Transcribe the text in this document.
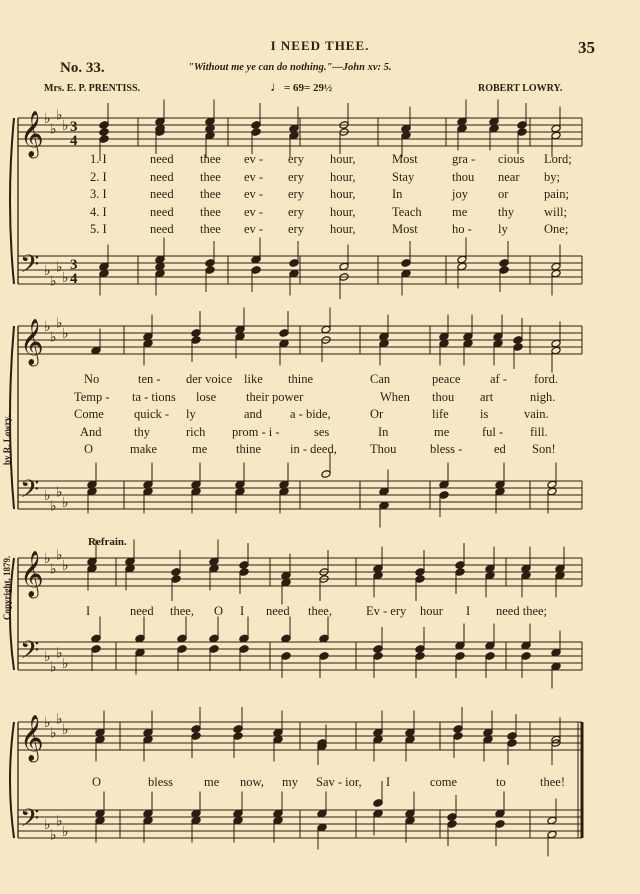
I NEED THEE.	35
No. 33.	"Without me ye can do nothing."—John xv: 5.
Mrs. E. P. PRENTISS.	♩= 69= 29½	ROBERT LOWRY.
by R. Lowry.
Copyright, 1879.
Refrain.
𝄞
𝄢
♭
♭
♭
♭
♭
♭
♭
♭
3
4
3
4
𝄞
𝄢
♭
♭
♭
♭
♭
♭
♭
♭
𝄞
𝄢
♭
♭
♭
♭
♭
♭
♭
♭
𝄞
𝄢
♭
♭
♭
♭
♭
♭
♭
♭
1. I	need thee ev - ery hour,	Most	gra - cious Lord;
2. I	need thee ev - ery hour,	Stay	thou near by;
3. I	need thee ev - ery hour,	In	joy or	pain;
4. I	need thee ev - ery hour,	Teach me thy will;
5. I	need thee ev - ery hour,	Most	ho - ly	One;
No	ten - der voice like thine	Can	peace af - ford.
Temp - ta - tions lose their power	When thou art	nigh.
Come quick - ly	and a - bide,	Or	life	is	vain.
And	thy	rich prom - i -	ses	In	me	ful - fill.
O	make	me thine in - deed,	Thou	bless -	ed Son!
I	need thee, O I need thee,	Ev - ery hour I need thee;
O	bless me now, my Sav - ior, I	come	to	thee!
